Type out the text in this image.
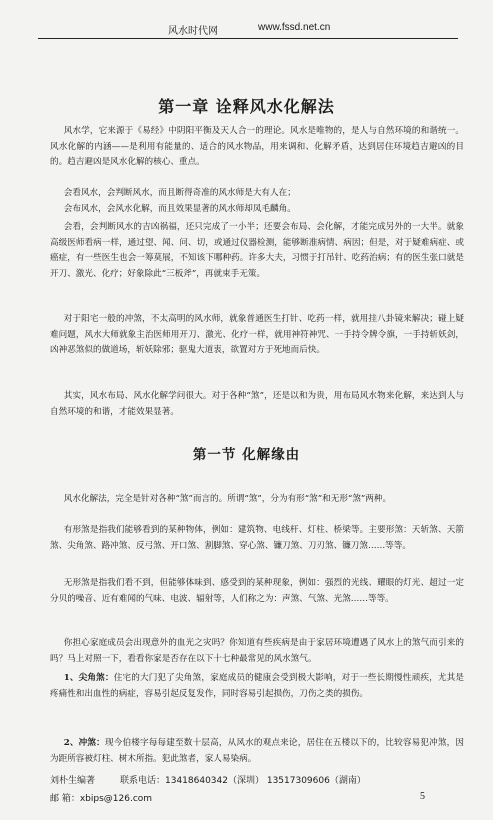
风水时代网	www.fssd.net.cn
第一章 诠释风水化解法

风水学，它来源于《易经》中阴阳平衡及天人合一的理论。风水是唯物的，是人与自然环境的和谐统一。风水化解的内涵——是利用有能量的、适合的风水物品，用来调和、化解矛盾，达到居住环境趋吉避凶的目的。趋吉避凶是风水化解的核心、重点。

会看风水，会判断风水，而且断得奇准的风水师是大有人在；

会布风水，会风水化解，而且效果显著的风水师却凤毛麟角。

会看，会判断风水的吉凶祸福，还只完成了一小半；还要会布局、会化解，才能完成另外的一大半。就象高级医师看病一样，通过望、闻、问、切，或通过仪器检测，能够断准病情、病因；但是，对于疑难病症、或癌症，有一些医生也会一筹莫展，不知该下哪种药。许多大夫，习惯于打吊针、吃药治病；有的医生张口就是开刀、激光、化疗；好象除此“三板斧”，再就束手无策。

对于阳宅一般的冲煞，不太高明的风水师，就象普通医生打针、吃药一样，就用挂八卦镜来解决；碰上疑难问题，风水大师就象主治医师用开刀、激光、化疗一样，就用神符神咒、一手持令牌令旗，一手持斩妖剑，凶神恶煞似的做道场，斩妖除邪；驱鬼大道衷，欲置对方于死地而后快。

其实，风水布局、风水化解学问很大。对于各种“煞”，还是以和为贵，用布局风水物来化解，来达到人与自然环境的和谐，才能效果显著。

第一节 化解缘由

风水化解法，完全是针对各种“煞”而言的。所谓“煞”，分为有形“煞”和无形“煞”两种。

有形煞是指我们能够看到的某种物体，例如：建筑物、电线杆、灯柱、桥梁等。主要形煞：天斩煞、天箭煞、尖角煞、路冲煞、反弓煞、开口煞、割脚煞、穿心煞、镰刀煞、刀刃煞、镰刀煞……等等。

无形煞是指我们看不到，但能够体味到、感受到的某种现象，例如：强烈的光线、耀眼的灯光、超过一定分贝的噪音、近有难闻的气味、电波、辐射等，人们称之为：声煞、气煞、光煞……等等。

你担心家庭成员会出现意外的血光之灾吗？你知道有些疾病是由于家居环境遭遇了风水上的煞气而引来的吗？马上对照一下，看看你家是否存在以下十七种最常见的风水煞气。

1、尖角煞：住宅的大门犯了尖角煞，家庭成员的健康会受到极大影响，对于一些长期慢性顽疾，尤其是疼痛性和出血性的病症，容易引起反复发作，同时容易引起损伤，刀伤之类的损伤。

2、冲煞：现今伯楼字每每建至数十层高，从风水的观点来论，居住在五楼以下的，比较容易犯冲煞，因为距所容被灯柱、树木所指。犯此煞者，家人易染病。

刘朴生编著	联系电话：13418640342（深圳） 13517309606（湖南）
邮 箱：xbips@126.com	5
